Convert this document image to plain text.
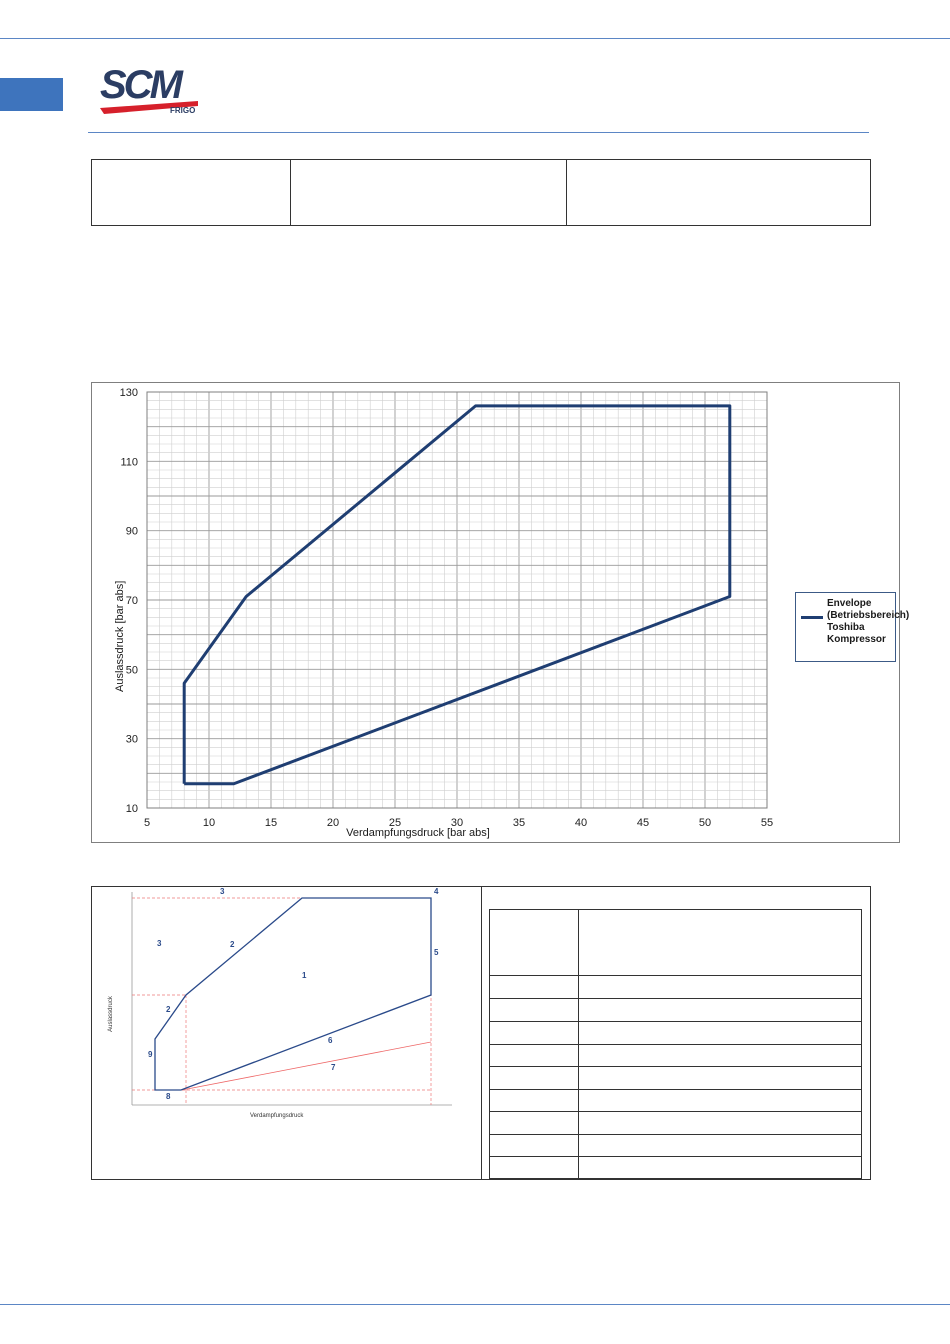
SCM
FRIGO
5	10	15	20	25	30	35	40	45	50	55
10
30
50
70
90
110
130
Auslassdruck [bar abs]
Verdampfungsdruck [bar abs]
Envelope (Betriebsbereich) Toshiba Kompressor
1
2
2
3
3
4
5
6
7
8
9
Verdampfungsdruck
Auslassdruck
